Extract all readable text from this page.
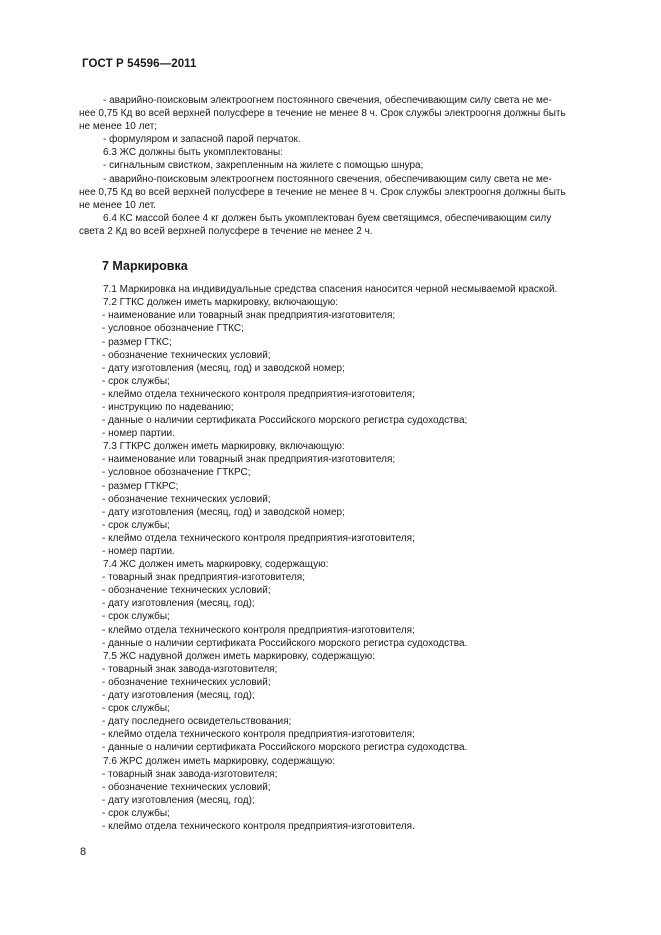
ГОСТ Р 54596—2011

- аварийно-поисковым электроогнем постоянного свечения, обеспечивающим силу света не ме-

нее 0,75 Кд во всей верхней полусфере в течение не менее 8 ч. Срок службы электроогня должны быть

не менее 10 лет;

- формуляром и запасной парой перчаток.

6.3 ЖС должны быть укомплектованы:

- сигнальным свистком, закрепленным на жилете с помощью шнура;

- аварийно-поисковым электроогнем постоянного свечения, обеспечивающим силу света не ме-

нее 0,75 Кд во всей верхней полусфере в течение не менее 8 ч. Срок службы электроогня должны быть

не менее 10 лет.

6.4 КС массой более 4 кг должен быть укомплектован буем светящимся, обеспечивающим силу

света 2 Кд во всей верхней полусфере в течение не менее 2 ч.

7 Маркировка

7.1 Маркировка на индивидуальные средства спасения наносится черной несмываемой краской.

7.2 ГТКС должен иметь маркировку, включающую:

- наименование или товарный знак предприятия-изготовителя;

- условное обозначение ГТКС;

- размер ГТКС;

- обозначение технических условий;

- дату изготовления (месяц, год) и заводской номер;

- срок службы;

- клеймо отдела технического контроля предприятия-изготовителя;

- инструкцию по надеванию;

- данные о наличии сертификата Российского морского регистра судоходства;

- номер партии.

7.3 ГТКРС должен иметь маркировку, включающую:

- наименование или товарный знак предприятия-изготовителя;

- условное обозначение ГТКРС;

- размер ГТКРС;

- обозначение технических условий;

- дату изготовления (месяц, год) и заводской номер;

- срок службы;

- клеймо отдела технического контроля предприятия-изготовителя;

- номер партии.

7.4 ЖС должен иметь маркировку, содержащую:

- товарный знак предприятия-изготовителя;

- обозначение технических условий;

- дату изготовления (месяц, год);

- срок службы;

- клеймо отдела технического контроля предприятия-изготовителя;

- данные о наличии сертификата Российского морского регистра судоходства.

7.5 ЖС надувной должен иметь маркировку, содержащую:

- товарный знак завода-изготовителя;

- обозначение технических условий;

- дату изготовления (месяц, год);

- срок службы;

- дату последнего освидетельствования;

- клеймо отдела технического контроля предприятия-изготовителя;

- данные о наличии сертификата Российского морского регистра судоходства.

7.6 ЖРС должен иметь маркировку, содержащую:

- товарный знак завода-изготовителя;

- обозначение технических условий;

- дату изготовления (месяц, год);

- срок службы;

- клеймо отдела технического контроля предприятия-изготовителя.

8
